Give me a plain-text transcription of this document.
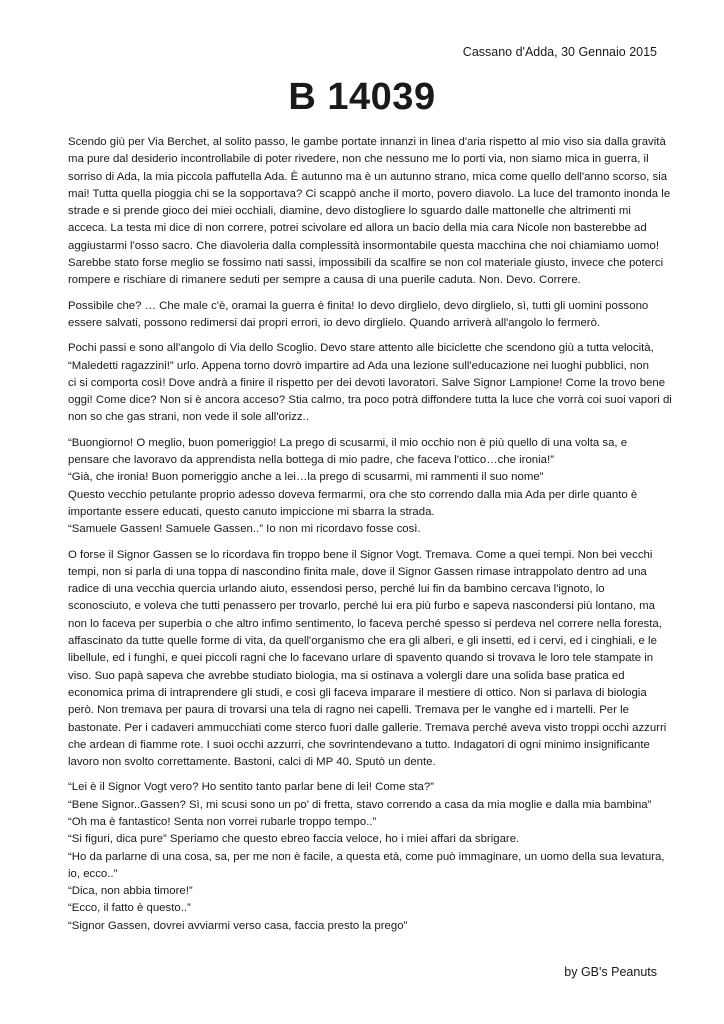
Cassano d'Adda, 30 Gennaio 2015
B 14039

Scendo giù per Via Berchet, al solito passo, le gambe portate innanzi in linea d'aria rispetto al mio viso sia dalla gravità
ma pure dal desiderio incontrollabile di poter rivedere, non che nessuno me lo porti via, non siamo mica in guerra, il
sorriso di Ada, la mia piccola paffutella Ada. È autunno ma è un autunno strano, mica come quello dell'anno scorso, sia
mai! Tutta quella pioggia chi se la sopportava? Ci scappò anche il morto, povero diavolo. La luce del tramonto inonda le
strade e si prende gioco dei miei occhiali, diamine, devo distogliere lo sguardo dalle mattonelle che altrimenti mi
acceca. La testa mi dice di non correre, potrei scivolare ed allora un bacio della mia cara Nicole non basterebbe ad
aggiustarmi l'osso sacro. Che diavoleria dalla complessità insormontabile questa macchina che noi chiamiamo uomo!
Sarebbe stato forse meglio se fossimo nati sassi, impossibili da scalfire se non col materiale giusto, invece che poterci
rompere e rischiare di rimanere seduti per sempre a causa di una puerile caduta. Non. Devo. Correre.

Possibile che? … Che male c'è, oramai la guerra è finita! Io devo dirglielo, devo dirglielo, sì, tutti gli uomini possono
essere salvati, possono redimersi dai propri errori, io devo dirglielo. Quando arriverà all'angolo lo fermerò.

Pochi passi e sono all'angolo di Via dello Scoglio. Devo stare attento alle biciclette che scendono giù a tutta velocità,
“Maledetti ragazzini!” urlo. Appena torno dovrò impartire ad Ada una lezione sull'educazione nei luoghi pubblici, non
ci si comporta così! Dove andrà a finire il rispetto per dei devoti lavoratori. Salve Signor Lampione! Come la trovo bene
oggi! Come dice? Non si è ancora acceso? Stia calmo, tra poco potrà diffondere tutta la luce che vorrà coi suoi vapori di
non so che gas strani, non vede il sole all'orizz..

“Buongiorno! O meglio, buon pomeriggio! La prego di scusarmi, il mio occhio non è più quello di una volta sa, e
pensare che lavoravo da apprendista nella bottega di mio padre, che faceva l'ottico…che ironia!”
“Già, che ironia! Buon pomeriggio anche a lei…la prego di scusarmi, mi rammenti il suo nome”
Questo vecchio petulante proprio adesso doveva fermarmi, ora che sto correndo dalla mia Ada per dirle quanto è
importante essere educati, questo canuto impiccione mi sbarra la strada.
“Samuele Gassen! Samuele Gassen..” Io non mi ricordavo fosse così.

O forse il Signor Gassen se lo ricordava fin troppo bene il Signor Vogt. Tremava. Come a quei tempi. Non bei vecchi
tempi, non si parla di una toppa di nascondino finita male, dove il Signor Gassen rimase intrappolato dentro ad una
radice di una vecchia quercia urlando aiuto, essendosi perso, perché lui fin da bambino cercava l'ignoto, lo
sconosciuto, e voleva che tutti penassero per trovarlo, perché lui era più furbo e sapeva nascondersi più lontano, ma
non lo faceva per superbia o che altro infimo sentimento, lo faceva perché spesso si perdeva nel correre nella foresta,
affascinato da tutte quelle forme di vita, da quell'organismo che era gli alberi, e gli insetti, ed i cervi, ed i cinghiali, e le
libellule, ed i funghi, e quei piccoli ragni che lo facevano urlare di spavento quando si trovava le loro tele stampate in
viso. Suo papà sapeva che avrebbe studiato biologia, ma si ostinava a volergli dare una solida base pratica ed
economica prima di intraprendere gli studi, e così gli faceva imparare il mestiere di ottico. Non si parlava di biologia
però. Non tremava per paura di trovarsi una tela di ragno nei capelli. Tremava per le vanghe ed i martelli. Per le
bastonate. Per i cadaveri ammucchiati come sterco fuori dalle gallerie. Tremava perché aveva visto troppi occhi azzurri
che ardean di fiamme rote. I suoi occhi azzurri, che sovrintendevano a tutto. Indagatori di ogni minimo insignificante
lavoro non svolto correttamente. Bastoni, calci di MP 40. Sputò un dente.

“Lei è il Signor Vogt vero? Ho sentito tanto parlar bene di lei! Come sta?”
“Bene Signor..Gassen? Sì, mi scusi sono un po' di fretta, stavo correndo a casa da mia moglie e dalla mia bambina”
“Oh ma è fantastico! Senta non vorrei rubarle troppo tempo..”
“Si figuri, dica pure” Speriamo che questo ebreo faccia veloce, ho i miei affari da sbrigare.
“Ho da parlarne di una cosa, sa, per me non è facile, a questa età, come può immaginare, un uomo della sua levatura,
io, ecco..”
“Dica, non abbia timore!”
“Ecco, il fatto è questo..”
“Signor Gassen, dovrei avviarmi verso casa, faccia presto la prego”

by GB's Peanuts
